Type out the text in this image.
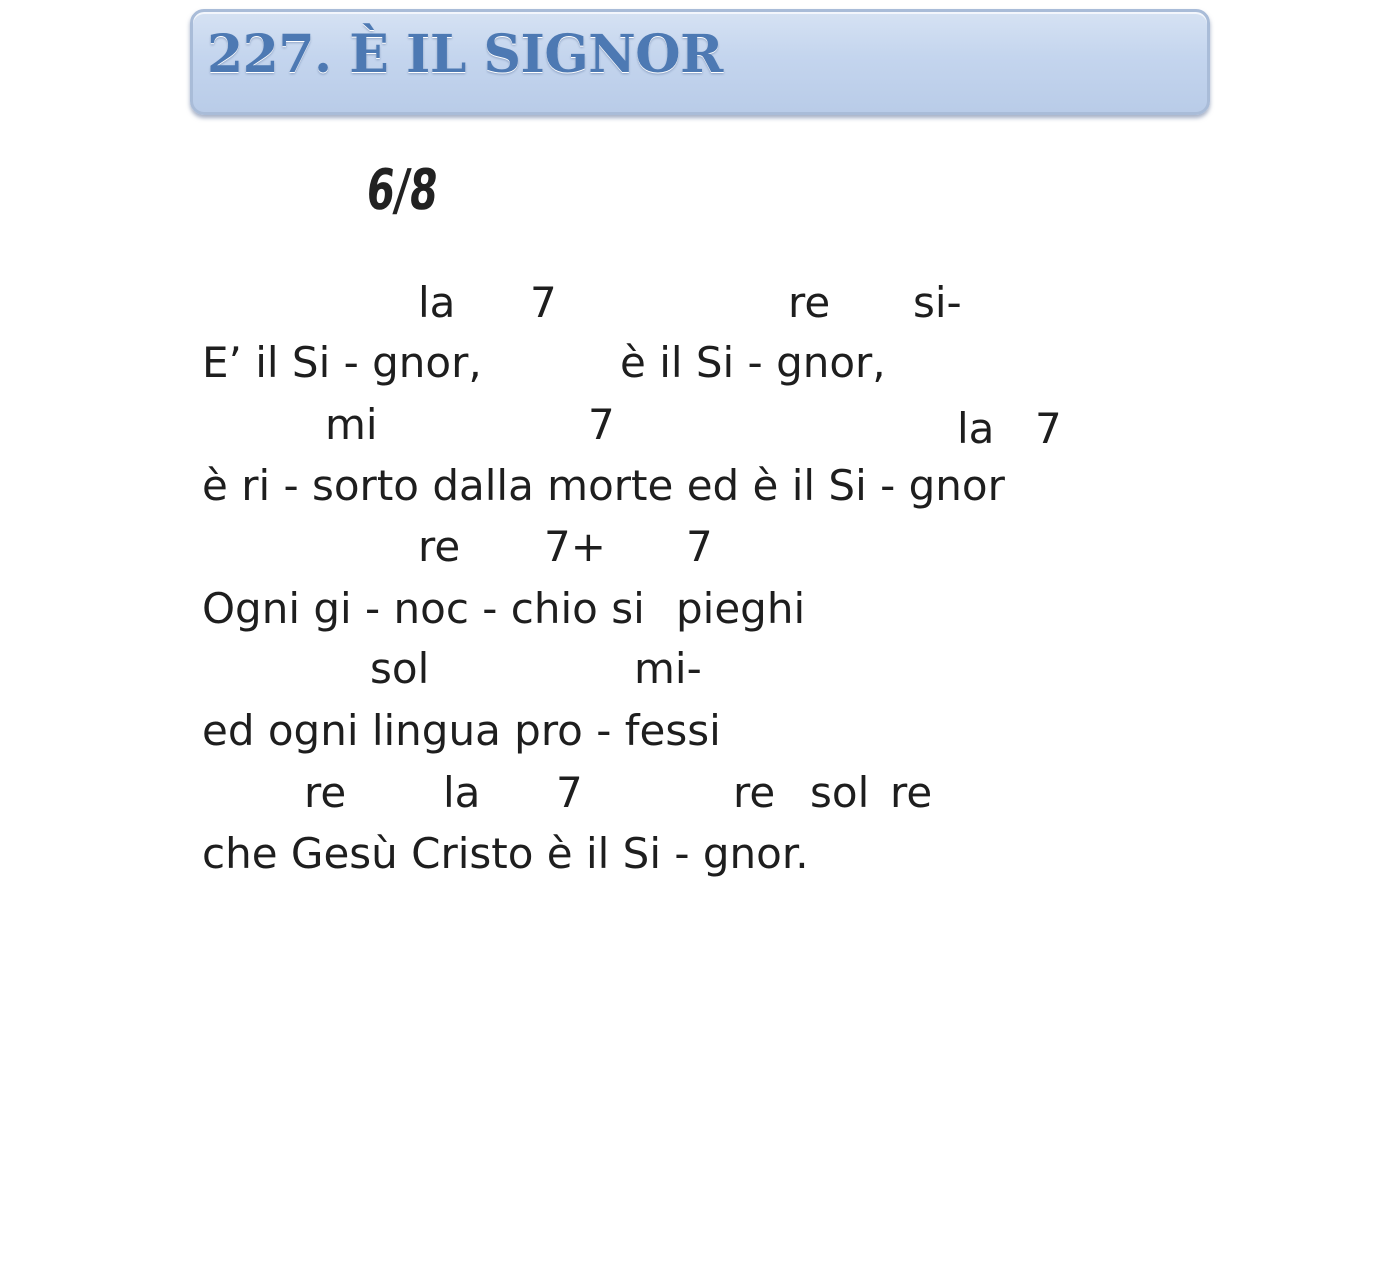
227. È IL SIGNOR
6/8
la 7	re si-
E’ il Si - gnor,	è il Si - gnor,
mi	7	la 7
è ri - sorto dalla morte ed è il Si - gnor
re 7+ 7
Ogni gi - noc - chio si pieghi
sol	mi-
ed ogni lingua pro - fessi
re la 7	re sol re
che Gesù Cristo è il Si - gnor.
